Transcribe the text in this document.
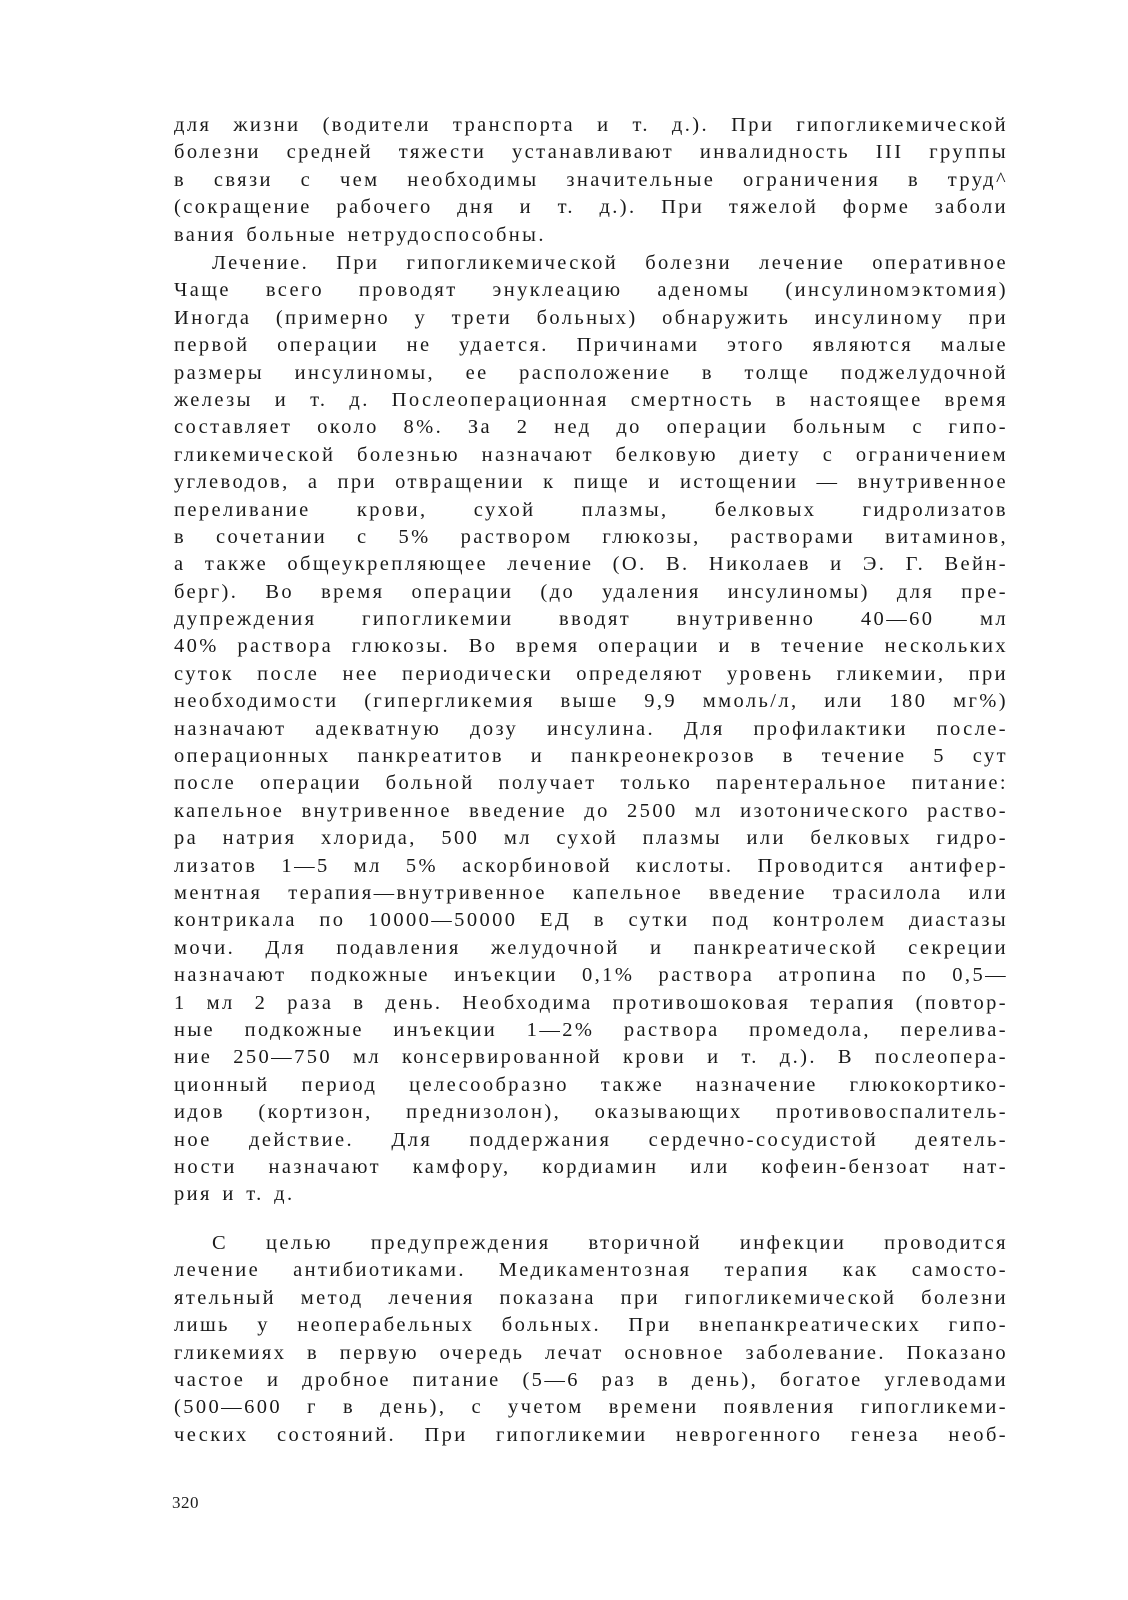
для жизни (водители транспорта и т. д.). При гипогликемической
болезни средней тяжести устанавливают инвалидность III группы
в связи с чем необходимы значительные ограничения в труд^
(сокращение рабочего дня и т. д.). При тяжелой форме заболи
вания больные нетрудоспособны.
Лечение. При гипогликемической болезни лечение оперативное
Чаще всего проводят энуклеацию аденомы (инсулиномэктомия)
Иногда (примерно у трети больных) обнаружить инсулиному при
первой операции не удается. Причинами этого являются малые
размеры инсулиномы, ее расположение в толще поджелудочной
железы и т. д. Послеоперационная смертность в настоящее время
составляет около 8%. За 2 нед до операции больным с гипо-
гликемической болезнью назначают белковую диету с ограничением
углеводов, а при отвращении к пище и истощении — внутривенное
переливание крови, сухой плазмы, белковых гидролизатов
в сочетании с 5% раствором глюкозы, растворами витаминов,
а также общеукрепляющее лечение (О. В. Николаев и Э. Г. Вейн-
берг). Во время операции (до удаления инсулиномы) для пре-
дупреждения гипогликемии вводят внутривенно 40—60 мл
40% раствора глюкозы. Во время операции и в течение нескольких
суток после нее периодически определяют уровень гликемии, при
необходимости (гипергликемия выше 9,9 ммоль/л, или 180 мг%)
назначают адекватную дозу инсулина. Для профилактики после-
операционных панкреатитов и панкреонекрозов в течение 5 сут
после операции больной получает только парентеральное питание:
капельное внутривенное введение до 2500 мл изотонического раство-
ра натрия хлорида, 500 мл сухой плазмы или белковых гидро-
лизатов 1—5 мл 5% аскорбиновой кислоты. Проводится антифер-
ментная терапия—внутривенное капельное введение трасилола или
контрикала по 10000—50000 ЕД в сутки под контролем диастазы
мочи. Для подавления желудочной и панкреатической секреции
назначают подкожные инъекции 0,1% раствора атропина по 0,5—
1 мл 2 раза в день. Необходима противошоковая терапия (повтор-
ные подкожные инъекции 1—2% раствора промедола, перелива-
ние 250—750 мл консервированной крови и т. д.). В послеопера-
ционный период целесообразно также назначение глюкокортико-
идов (кортизон, преднизолон), оказывающих противовоспалитель-
ное действие. Для поддержания сердечно-сосудистой деятель-
ности назначают камфору, кордиамин или кофеин-бензоат нат-
рия и т. д.
С целью предупреждения вторичной инфекции проводится
лечение антибиотиками. Медикаментозная терапия как самосто-
ятельный метод лечения показана при гипогликемической болезни
лишь у неоперабельных больных. При внепанкреатических гипо-
гликемиях в первую очередь лечат основное заболевание. Показано
частое и дробное питание (5—6 раз в день), богатое углеводами
(500—600 г в день), с учетом времени появления гипогликеми-
ческих состояний. При гипогликемии неврогенного генеза необ-
320
